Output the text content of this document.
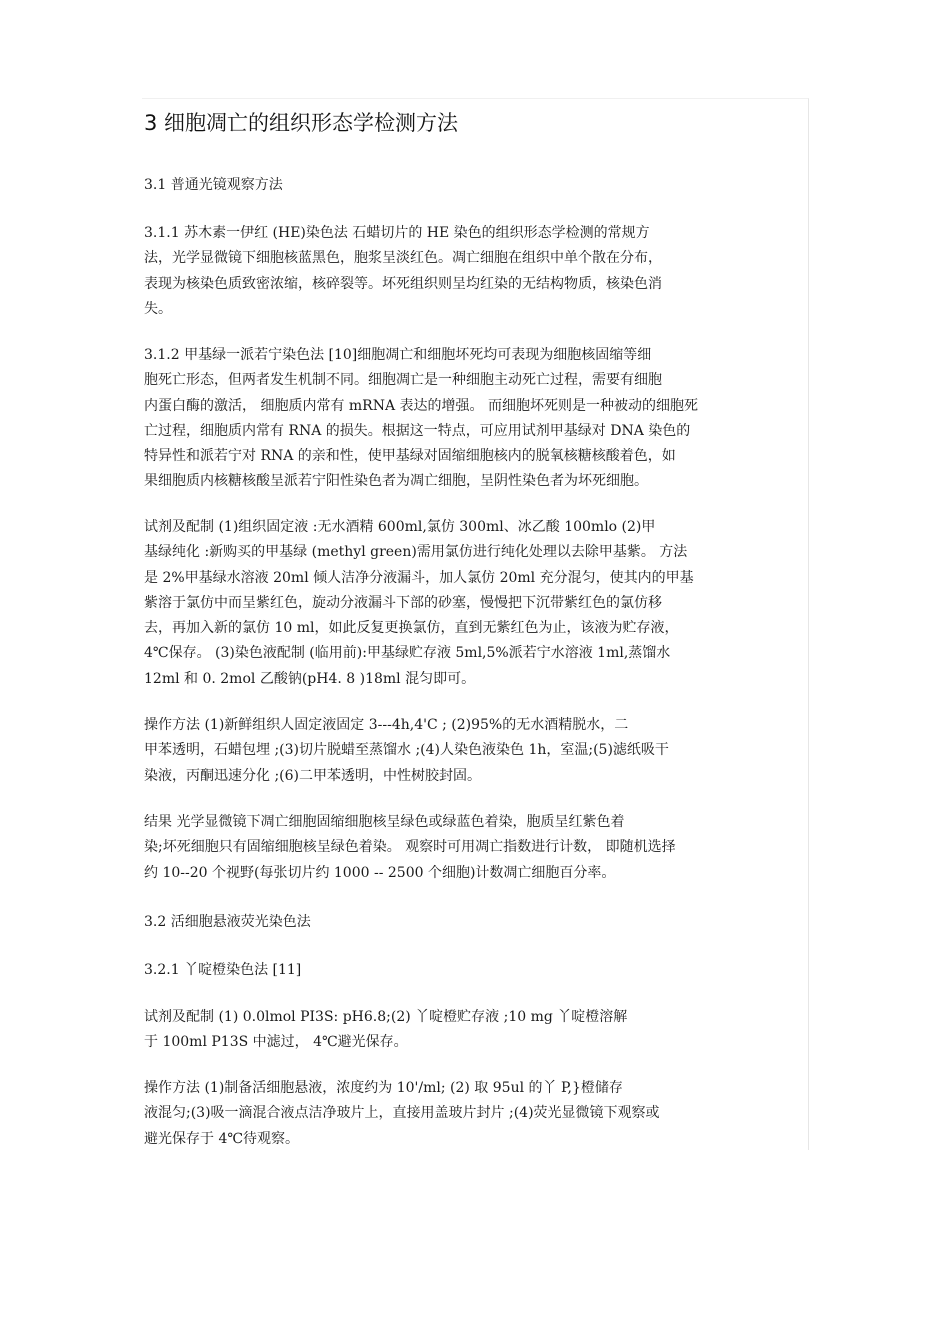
3 细胞凋亡的组织形态学检测方法

3.1 普通光镜观察方法

3.1.1 苏木素一伊红 (HE)染色法 石蜡切片的 HE 染色的组织形态学检测的常规方
法，光学显微镜下细胞核蓝黑色，胞浆呈淡红色。凋亡细胞在组织中单个散在分布，
表现为核染色质致密浓缩，核碎裂等。坏死组织则呈均红染的无结构物质，核染色消
失。

3.1.2 甲基绿一派若宁染色法 [10]细胞凋亡和细胞坏死均可表现为细胞核固缩等细
胞死亡形态，但两者发生机制不同。细胞凋亡是一种细胞主动死亡过程，需要有细胞
内蛋白酶的激活， 细胞质内常有 mRNA 表达的增强。 而细胞坏死则是一种被动的细胞死
亡过程，细胞质内常有 RNA 的损失。根据这一特点，可应用试剂甲基绿对 DNA 染色的
特异性和派若宁对 RNA 的亲和性，使甲基绿对固缩细胞核内的脱氧核糖核酸着色，如
果细胞质内核糖核酸呈派若宁阳性染色者为凋亡细胞，呈阴性染色者为坏死细胞。

试剂及配制 (1)组织固定液 :无水酒精 600ml,氯仿 300ml、冰乙酸 100mlo (2)甲
基绿纯化 :新购买的甲基绿 (methyl green)需用氯仿进行纯化处理以去除甲基紫。 方法
是 2%甲基绿水溶液 20ml 倾人洁净分液漏斗，加人氯仿 20ml 充分混匀，使其内的甲基
紫溶于氯仿中而呈紫红色，旋动分液漏斗下部的砂塞，慢慢把下沉带紫红色的氯仿移
去，再加入新的氯仿 10 ml，如此反复更换氯仿，直到无紫红色为止，该液为贮存液，
4℃保存。 (3)染色液配制 (临用前):甲基绿贮存液 5ml,5%派若宁水溶液 1ml,蒸馏水
12ml 和 0. 2mol 乙酸钠(pH4. 8 )18ml 混匀即可。

操作方法 (1)新鲜组织人固定液固定 3---4h,4'C ; (2)95%的无水酒精脱水，二
甲苯透明，石蜡包埋 ;(3)切片脱蜡至蒸馏水 ;(4)人染色液染色 1h，室温;(5)滤纸吸干
染液，丙酮迅速分化 ;(6)二甲苯透明，中性树胶封固。

结果 光学显微镜下凋亡细胞固缩细胞核呈绿色或绿蓝色着染，胞质呈红紫色着
染;坏死细胞只有固缩细胞核呈绿色着染。 观察时可用凋亡指数进行计数， 即随机选择
约 10--20 个视野(每张切片约 1000 -- 2500 个细胞)计数凋亡细胞百分率。

3.2 活细胞悬液荧光染色法

3.2.1 丫啶橙染色法 [11]

试剂及配制 (1) 0.0lmol PI3S: pH6.8;(2) 丫啶橙贮存液 ;10 mg 丫啶橙溶解
于 100ml P13S 中滤过， 4℃避光保存。

操作方法 (1)制备活细胞悬液，浓度约为 10'/ml; (2) 取 95ul 的丫 P,}橙储存
液混匀;(3)吸一滴混合液点洁净玻片上，直接用盖玻片封片 ;(4)荧光显微镜下观察或
避光保存于 4℃待观察。
